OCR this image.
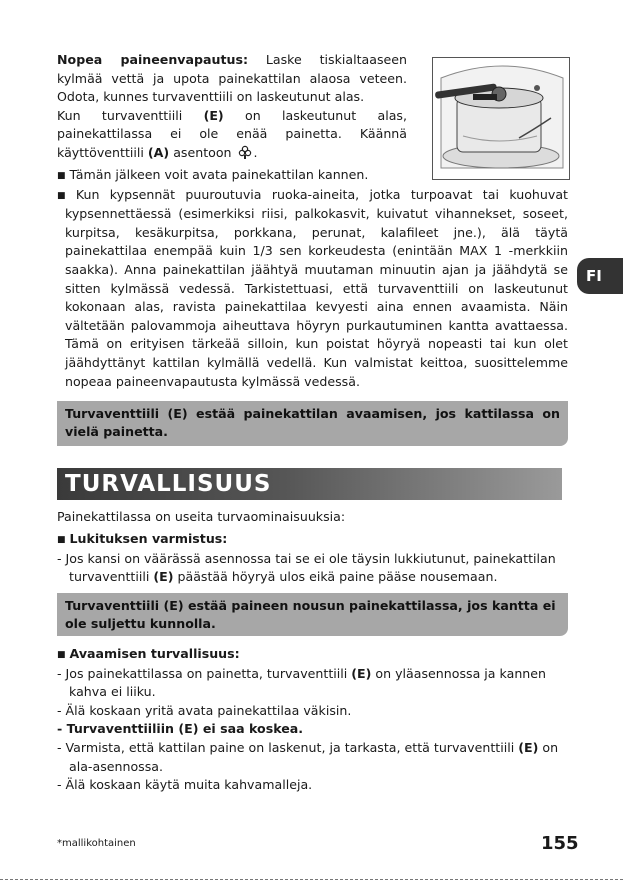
Nopea paineenvapautus: Laske tiskialtaaseen kylmää vettä ja upota painekattilan alaosa veteen. Odota, kunnes turvaventtiili on laskeutunut alas.
Kun turvaventtiili (E) on laskeutunut alas, painekattilassa ei ole enää painetta. Käännä käyttöventtiili (A) asentoon .
■ Tämän jälkeen voit avata painekattilan kannen.
■ Kun kypsennät puuroutuvia ruoka-aineita, jotka turpoavat tai kuohuvat kypsennettäessä (esimerkiksi riisi, palkokasvit, kuivatut vihannekset, soseet, kurpitsa, kesäkurpitsa, porkkana, perunat, kalafileet jne.), älä täytä painekattilaa enempää kuin 1/3 sen korkeudesta (enintään MAX 1 -merkkiin saakka). Anna painekattilan jäähtyä muutaman minuutin ajan ja jäähdytä se sitten kylmässä vedessä. Tarkistettuasi, että turvaventtiili on laskeutunut kokonaan alas, ravista painekattilaa kevyesti aina ennen avaamista. Näin vältetään palovammoja aiheuttava höyryn purkautuminen kantta avattaessa. Tämä on erityisen tärkeää silloin, kun poistat höyryä nopeasti tai kun olet jäähdyttänyt kattilan kylmällä vedellä. Kun valmistat keittoa, suosittelemme nopeaa paineenvapautusta kylmässä vedessä.
Turvaventtiili (E) estää painekattilan avaamisen, jos kattilassa on vielä painetta.
TURVALLISUUS
Painekattilassa on useita turvaominaisuuksia:
■ Lukituksen varmistus:
- Jos kansi on väärässä asennossa tai se ei ole täysin lukkiutunut, painekattilan turvaventtiili (E) päästää höyryä ulos eikä paine pääse nousemaan.
Turvaventtiili (E) estää paineen nousun painekattilassa, jos kantta ei ole suljettu kunnolla.
■ Avaamisen turvallisuus:
- Jos painekattilassa on painetta, turvaventtiili (E) on yläasennossa ja kannen kahva ei liiku.
- Älä koskaan yritä avata painekattilaa väkisin.
- Turvaventtiiliin (E) ei saa koskea.
- Varmista, että kattilan paine on laskenut, ja tarkasta, että turvaventtiili (E) on ala-asennossa.
- Älä koskaan käytä muita kahvamalleja.
FI
*mallikohtainen	155
